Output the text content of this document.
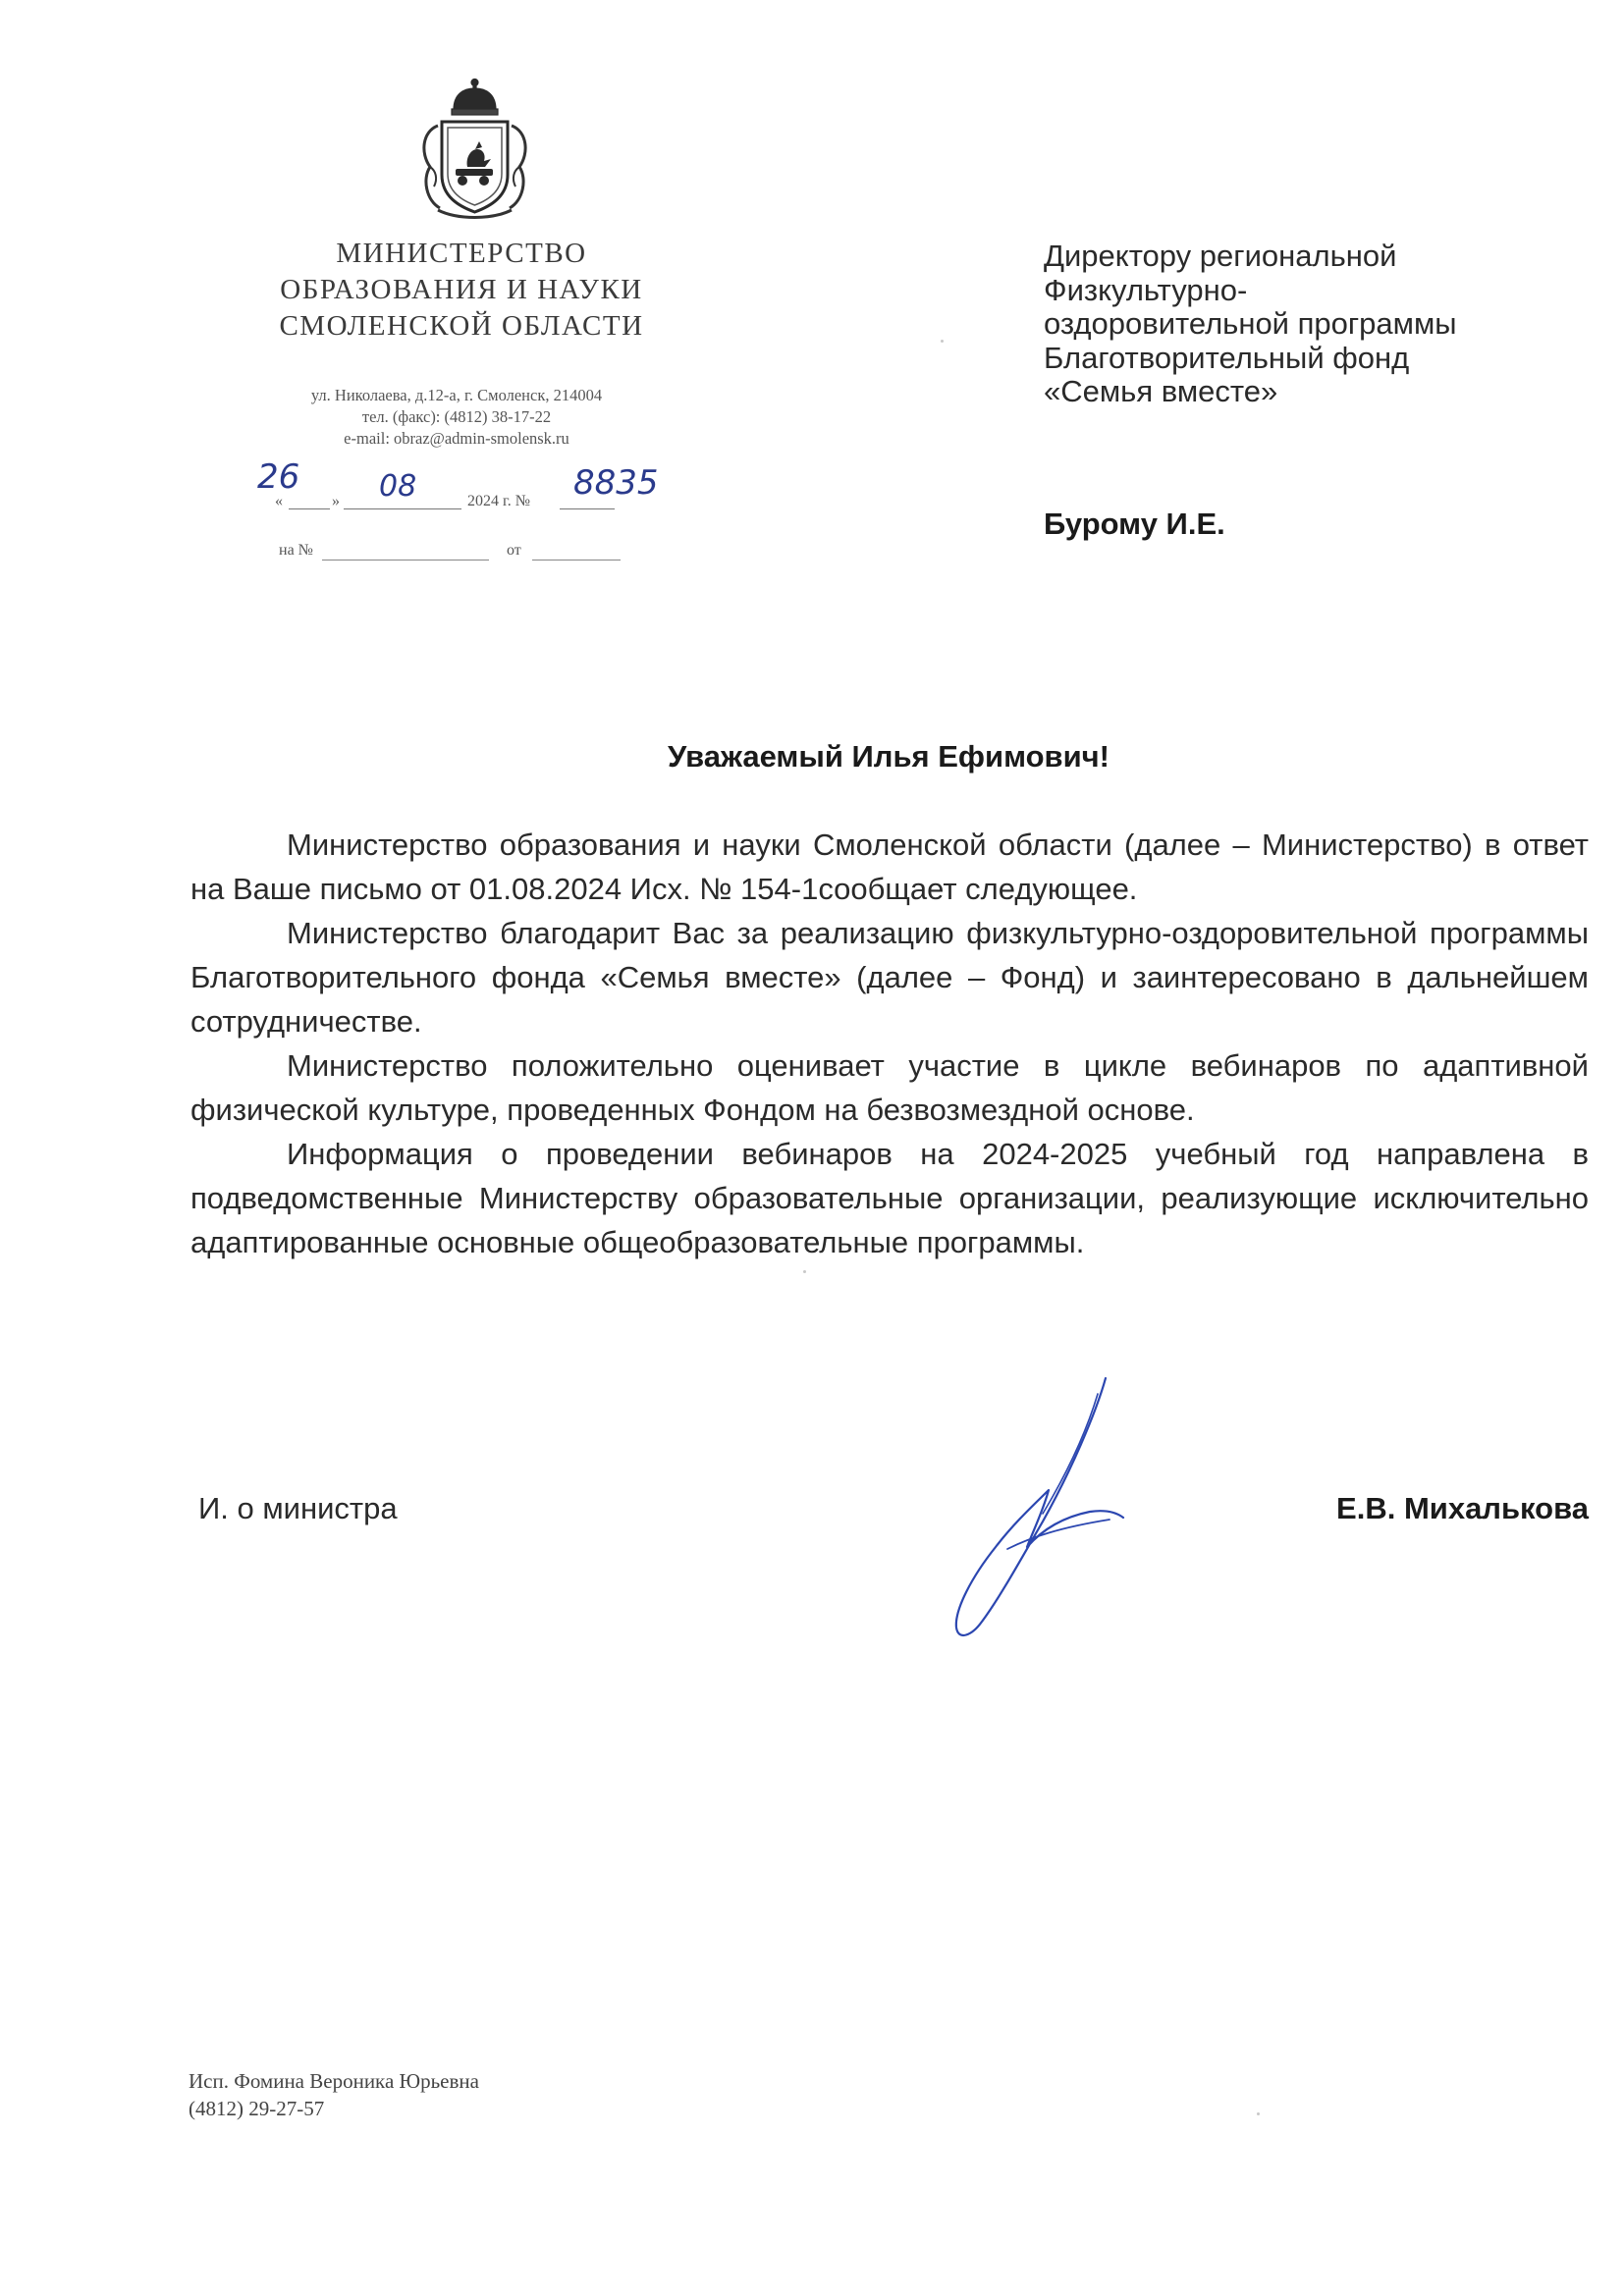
МИНИСТЕРСТВО
ОБРАЗОВАНИЯ И НАУКИ
СМОЛЕНСКОЙ ОБЛАСТИ
ул. Николаева, д.12-а, г. Смоленск, 214004
тел. (факс): (4812) 38-17-22
e-mail: obraz@admin-smolensk.ru
26
«	» 08	2024 г. № 8835
на №	от
Директору региональной
Физкультурно-
оздоровительной программы
Благотворительный фонд
«Семья вместе»
Бурому И.Е.
Уважаемый Илья Ефимович!

Министерство образования и науки Смоленской области (далее – Министерство) в ответ на Ваше письмо от 01.08.2024 Исх. № 154-1сообщает следующее.

Министерство благодарит Вас за реализацию физкультурно-оздоровительной программы Благотворительного фонда «Семья вместе» (далее – Фонд) и заинтересовано в дальнейшем сотрудничестве.

Министерство положительно оценивает участие в цикле вебинаров по адаптивной физической культуре, проведенных Фондом на безвозмездной основе.

Информация о проведении вебинаров на 2024-2025 учебный год направлена в подведомственные Министерству образовательные организации, реализующие исключительно адаптированные основные общеобразовательные программы.

И. о министра	Е.В. Михалькова
Исп. Фомина Вероника Юрьевна
(4812) 29-27-57
